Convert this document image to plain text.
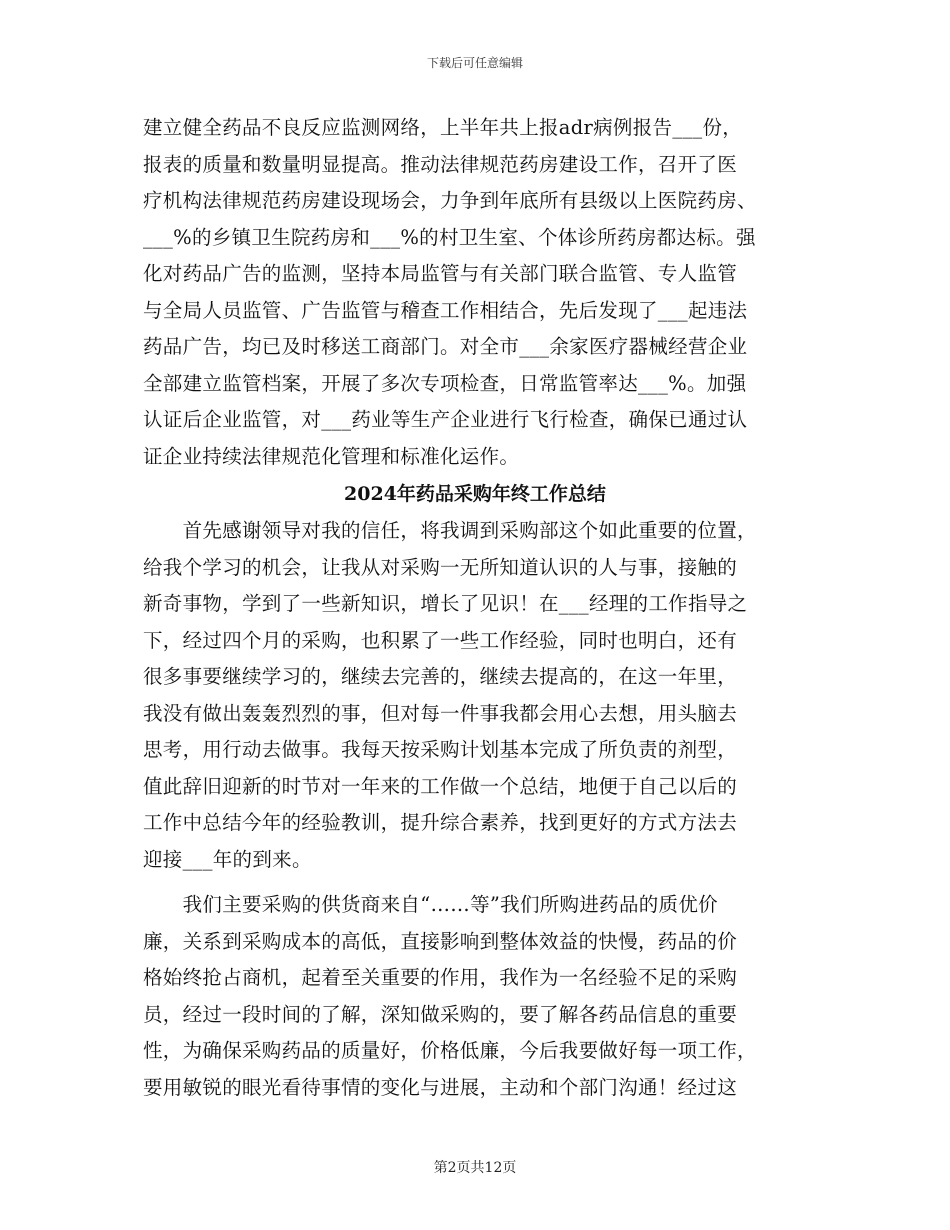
下载后可任意编辑
建立健全药品不良反应监测网络，上半年共上报adr病例报告___份，
报表的质量和数量明显提高。推动法律规范药房建设工作，召开了医
疗机构法律规范药房建设现场会，力争到年底所有县级以上医院药房、
___%的乡镇卫生院药房和___%的村卫生室、个体诊所药房都达标。强
化对药品广告的监测，坚持本局监管与有关部门联合监管、专人监管
与全局人员监管、广告监管与稽查工作相结合，先后发现了___起违法
药品广告，均已及时移送工商部门。对全市___余家医疗器械经营企业
全部建立监管档案，开展了多次专项检查，日常监管率达___%。加强
认证后企业监管，对___药业等生产企业进行飞行检查，确保已通过认
证企业持续法律规范化管理和标准化运作。
2024年药品采购年终工作总结
　　首先感谢领导对我的信任，将我调到采购部这个如此重要的位置，
给我个学习的机会，让我从对采购一无所知道认识的人与事，接触的
新奇事物，学到了一些新知识，增长了见识！在___经理的工作指导之
下，经过四个月的采购，也积累了一些工作经验，同时也明白，还有
很多事要继续学习的，继续去完善的，继续去提高的，在这一年里，
我没有做出轰轰烈烈的事，但对每一件事我都会用心去想，用头脑去
思考，用行动去做事。我每天按采购计划基本完成了所负责的剂型，
值此辞旧迎新的时节对一年来的工作做一个总结，地便于自己以后的
工作中总结今年的经验教训，提升综合素养，找到更好的方式方法去
迎接___年的到来。
　　我们主要采购的供货商来自“……等”我们所购进药品的质优价
廉，关系到采购成本的高低，直接影响到整体效益的快慢，药品的价
格始终抢占商机，起着至关重要的作用，我作为一名经验不足的采购
员，经过一段时间的了解，深知做采购的，要了解各药品信息的重要
性，为确保采购药品的质量好，价格低廉，今后我要做好每一项工作，
要用敏锐的眼光看待事情的变化与进展，主动和个部门沟通！经过这
第2页共12页
